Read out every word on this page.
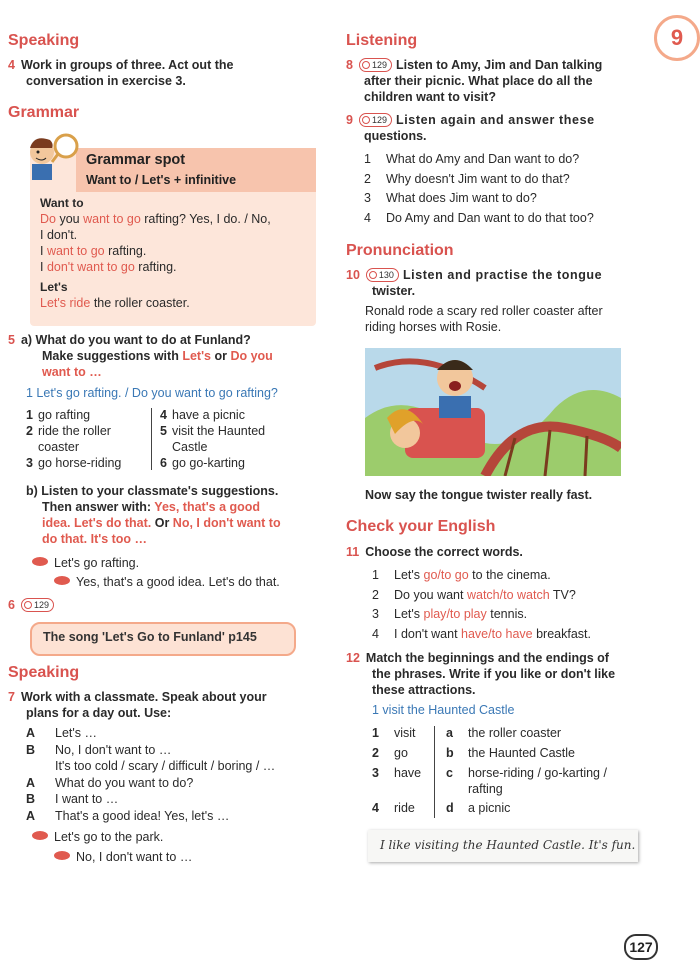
Speaking
4 Work in groups of three. Act out the
conversation in exercise 3.
Grammar
Grammar spot
Want to / Let's + infinitive
Want to
Do you want to go rafting? Yes, I do. / No,
I don't.
I want to go rafting.
I don't want to go rafting.
Let's
Let's ride the roller coaster.
5 a) What do you want to do at Funland?
Make suggestions with Let's or Do you
want to …
1 Let's go rafting. / Do you want to go rafting?
1 go rafting
2 ride the roller
coaster
3 go horse-riding
4 have a picnic
5 visit the Haunted
Castle
6 go go-karting
b) Listen to your classmate's suggestions.
Then answer with: Yes, that's a good
idea. Let's do that. Or No, I don't want to
do that. It's too …
Let's go rafting.
Yes, that's a good idea. Let's do that.
6 129
The song 'Let's Go to Funland' p145
Speaking
7 Work with a classmate. Speak about your
plans for a day out. Use:
A Let's …
B No, I don't want to …
It's too cold / scary / difficult / boring / …
A What do you want to do?
B I want to …
A That's a good idea! Yes, let's …
Let's go to the park.
No, I don't want to …
9
Listening
8 129 Listen to Amy, Jim and Dan talking
after their picnic. What place do all the
children want to visit?
9 129 Listen again and answer these
questions.
1 What do Amy and Dan want to do?
2 Why doesn't Jim want to do that?
3 What does Jim want to do?
4 Do Amy and Dan want to do that too?
Pronunciation
10 130 Listen and practise the tongue
twister.
Ronald rode a scary red roller coaster after
riding horses with Rosie.
Now say the tongue twister really fast.
Check your English
11 Choose the correct words.
1 Let's go/to go to the cinema.
2 Do you want watch/to watch TV?
3 Let's play/to play tennis.
4 I don't want have/to have breakfast.
12 Match the beginnings and the endings of
the phrases. Write if you like or don't like
these attractions.
1 visit the Haunted Castle
1 visit
2 go
3 have
4 ride
a the roller coaster
b the Haunted Castle
c horse-riding / go-karting /
rafting
d a picnic
I like visiting the Haunted Castle. It's fun.
127
